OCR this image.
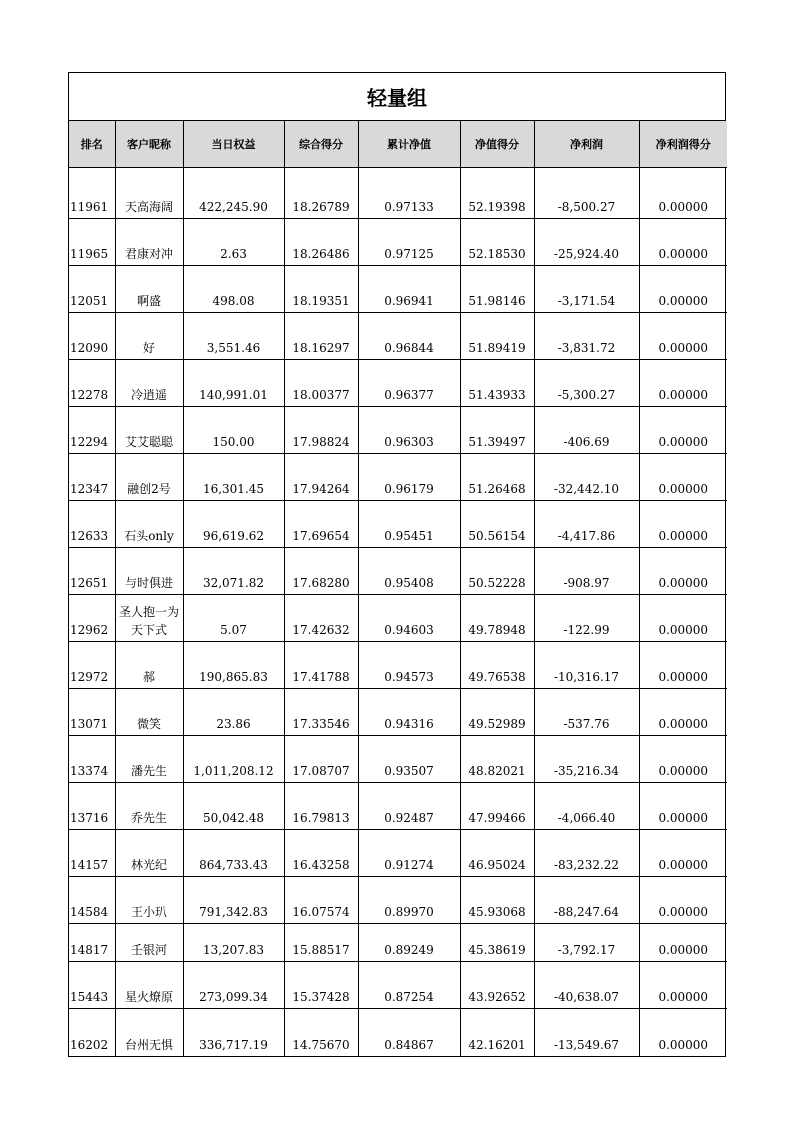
轻量组
排名	客户昵称	当日权益	综合得分	累计净值	净值得分	净利润	净利润得分
11961	天高海阔	422,245.90	18.26789	0.97133	52.19398	-8,500.27	0.00000
11965	君康对冲	2.63	18.26486	0.97125	52.18530	-25,924.40	0.00000
12051	啊盛	498.08	18.19351	0.96941	51.98146	-3,171.54	0.00000
12090	好	3,551.46	18.16297	0.96844	51.89419	-3,831.72	0.00000
12278	冷逍遥	140,991.01	18.00377	0.96377	51.43933	-5,300.27	0.00000
12294	艾艾聪聪	150.00	17.98824	0.96303	51.39497	-406.69	0.00000
12347	融创2号	16,301.45	17.94264	0.96179	51.26468	-32,442.10	0.00000
12633	石头only	96,619.62	17.69654	0.95451	50.56154	-4,417.86	0.00000
12651	与时俱进	32,071.82	17.68280	0.95408	50.52228	-908.97	0.00000
12962	圣人抱一为天下式	5.07	17.42632	0.94603	49.78948	-122.99	0.00000
12972	郝	190,865.83	17.41788	0.94573	49.76538	-10,316.17	0.00000
13071	微笑	23.86	17.33546	0.94316	49.52989	-537.76	0.00000
13374	潘先生	1,011,208.12	17.08707	0.93507	48.82021	-35,216.34	0.00000
13716	乔先生	50,042.48	16.79813	0.92487	47.99466	-4,066.40	0.00000
14157	林光纪	864,733.43	16.43258	0.91274	46.95024	-83,232.22	0.00000
14584	王小玐	791,342.83	16.07574	0.89970	45.93068	-88,247.64	0.00000
14817	壬银河	13,207.83	15.88517	0.89249	45.38619	-3,792.17	0.00000
15443	星火燎原	273,099.34	15.37428	0.87254	43.92652	-40,638.07	0.00000
16202	台州无惧	336,717.19	14.75670	0.84867	42.16201	-13,549.67	0.00000
